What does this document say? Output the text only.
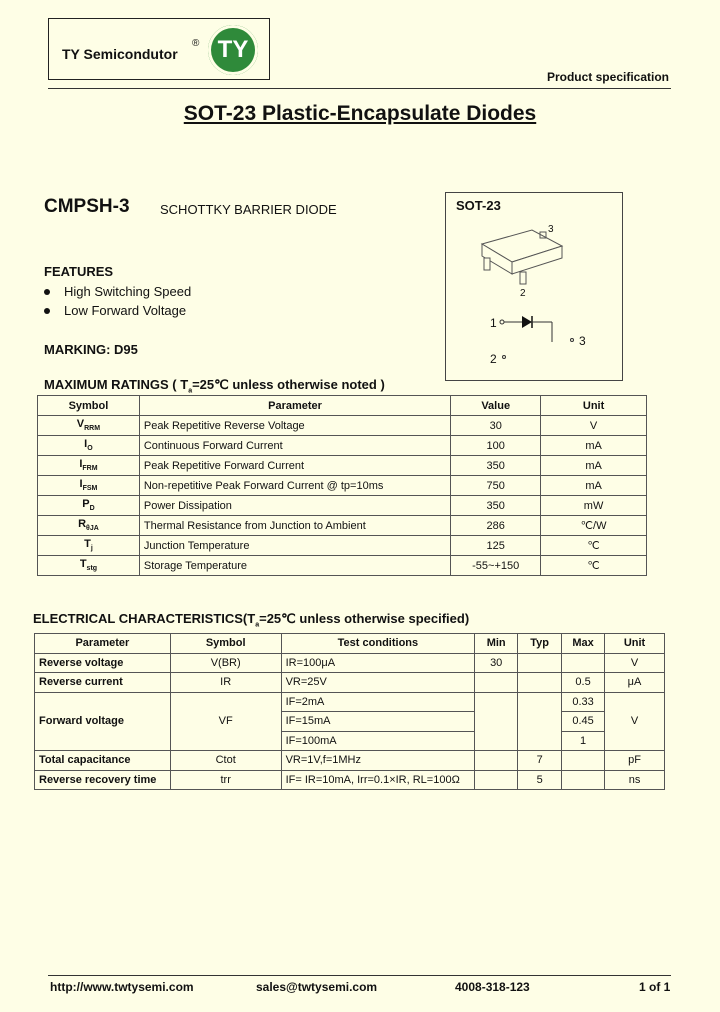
TY Semicondutor
® TY
Product specification
SOT-23 Plastic-Encapsulate Diodes
CMPSH-3 SCHOTTKY BARRIER DIODE
FEATURES
High Switching Speed
Low Forward Voltage
MARKING: D95
SOT-23
3
2
1
3
2
MAXIMUM RATINGS ( $T_a=25℃$ unless otherwise noted )
Symbol	Parameter	Value	Unit
$V_{RRM}$	Peak Repetitive Reverse Voltage	30	V
$I_O$	Continuous Forward Current	100	mA
$I_{FRM}$	Peak Repetitive Forward Current	350	mA
$I_{FSM}$	Non-repetitive Peak Forward Current @ tp=10ms	750	mA
$P_D$	Power Dissipation	350	mW
$R_{\theta JA}$	Thermal Resistance from Junction to Ambient	286	℃/W
$T_j$	Junction Temperature	125	℃
$T_{stg}$	Storage Temperature	-55~+150	℃
ELECTRICAL $CHARACTERISTICS(T_a=25℃$ unless otherwise specified)
Parameter	Symbol	Test conditions	Min	Typ	Max	Unit
Reverse voltage	V(BR)	IR=100μA	30			V
Reverse current	IR	VR=25V			0.5	μA
Forward voltage	VF	IF=2mA			0.33	V
		IF=15mA			0.45	
		IF=100mA			1	
Total capacitance	Ctot	VR=1V,f=1MHz		7		pF
Reverse recovery time	trr	IF= IR=10mA, Irr=0.1×IR, RL=100Ω		5		ns
http://www.twtysemi.com	sales@twtysemi.com	4008-318-123	1 of 1
